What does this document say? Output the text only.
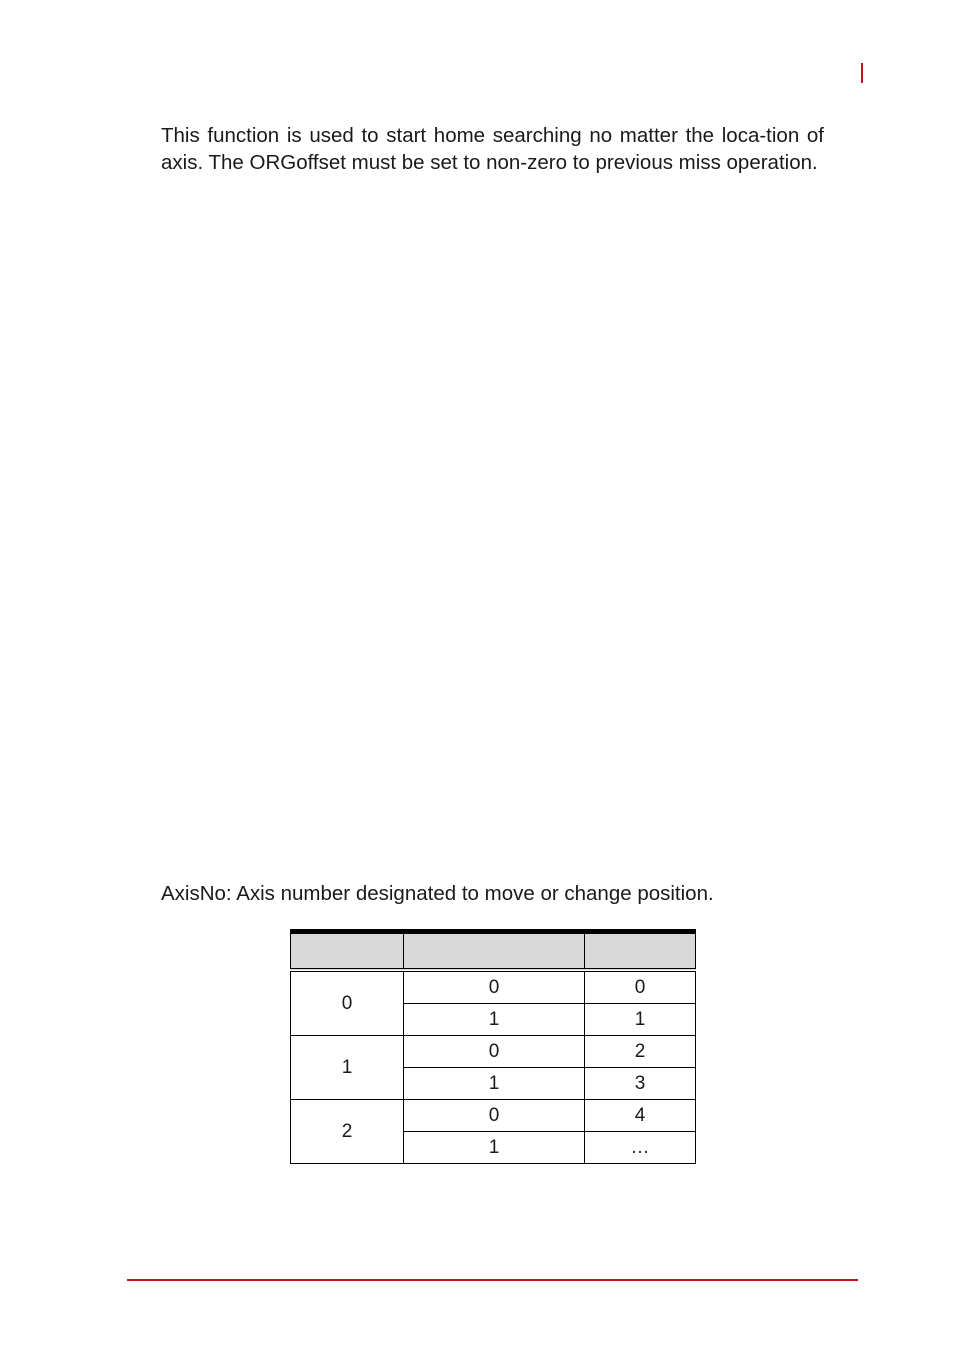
This function is used to start home searching no matter the loca-tion of axis. The ORGoffset must be set to non-zero to previous miss operation.

AxisNo: Axis number designated to move or change position.

0	0	0
	1	1
1	0	2
	1	3
2	0	4
	1	…
